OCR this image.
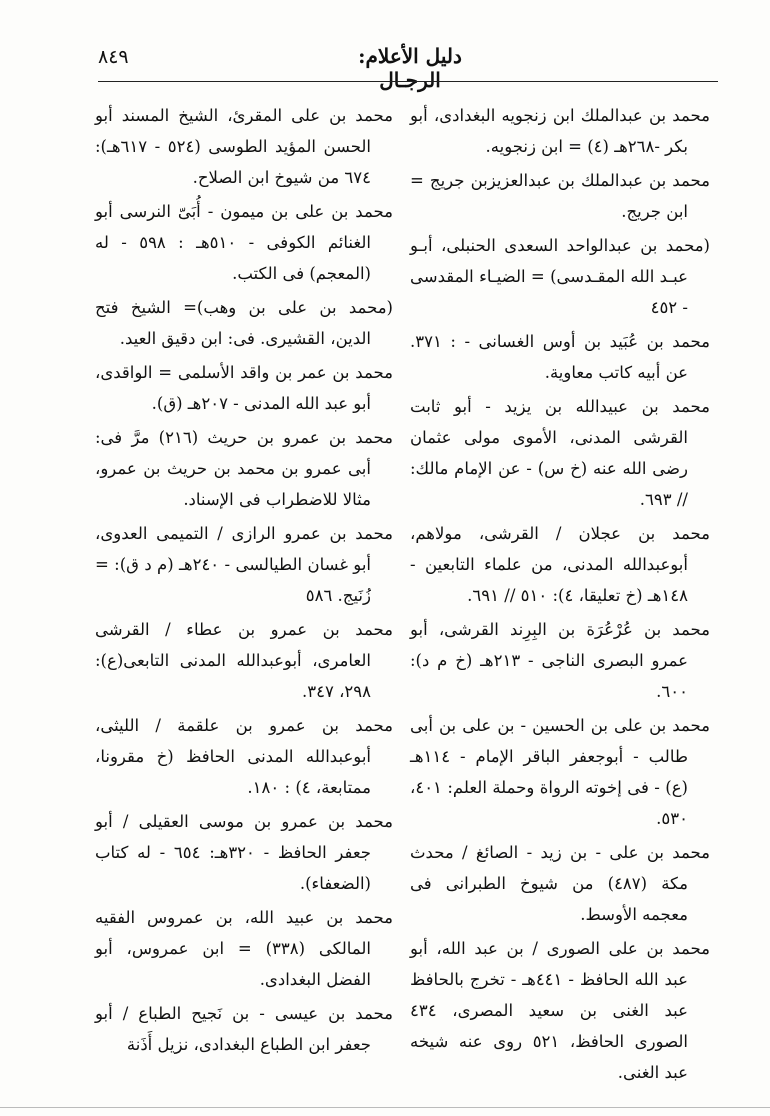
٨٤٩	دليل الأعلام: الرجـال

محمد بن عبدالملك ابن زنجويه البغدادى، أبو بكر -٢٦٨هـ (٤) = ابن زنجويه.

محمد بن عبدالملك بن عبدالعزيزبن جريج = ابن جريج.

(محمد بن عبدالواحد السعدى الحنبلى، أبـو عبـد الله المقـدسى) = الضيـاء المقدسى - ٤٥٢

محمد بن عُبَيد بن أوس الغسانى - : ٣٧١. عن أبيه كاتب معاوية.

محمد بن عبيدالله بن يزيد - أبو ثابت القرشى المدنى، الأموى مولى عثمان رضى الله عنه (خ س) - عن الإمام مالك: // ٦٩٣.

محمد بن عجلان / القرشى، مولاهم، أبوعبدالله المدنى، من علماء التابعين - ١٤٨هـ (خ تعليقا، ٤): ٥١٠ // ٦٩١.

محمد بن عُرْعُرَة بن البِرِند القرشى، أبو عمرو البصرى الناجى - ٢١٣هـ (خ م د): ٦٠٠.

محمد بن على بن الحسين - بن على بن أبى طالب - أبوجعفر الباقر الإمام - ١١٤هـ (ع) - فى إخوته الرواة وحملة العلم: ٤٠١، ٥٣٠.

محمد بن على - بن زيد - الصائغ / محدث مكة (٤٨٧) من شيوخ الطبرانى فى معجمه الأوسط.

محمد بن على الصورى / بن عبد الله، أبو عبد الله الحافظ - ٤٤١هـ - تخرج بالحافظ عبد الغنى بن سعيد المصرى، ٤٣٤ الصورى الحافظ، ٥٢١ روى عنه شيخه عبد الغنى.

محمد بن على المقرئ، الشيخ المسند أبو الحسن المؤيد الطوسى (٥٢٤ - ٦١٧هـ): ٦٧٤ من شيوخ ابن الصلاح.

محمد بن على بن ميمون - أُبَىّ النرسى أبو الغنائم الكوفى - ٥١٠هـ : ٥٩٨ - له (المعجم) فى الكتب.

(محمد بن على بن وهب)= الشيخ فتح الدين، القشيرى. فى: ابن دقيق العيد.

محمد بن عمر بن واقد الأسلمى = الواقدى، أبو عبد الله المدنى - ٢٠٧هـ (ق).

محمد بن عمرو بن حريث (٢١٦) مرَّ فى: أبى عمرو بن محمد بن حريث بن عمرو، مثالا للاضطراب فى الإسناد.

محمد بن عمرو الرازى / التميمى العدوى، أبو غسان الطيالسى - ٢٤٠هـ (م د ق): = زُنَيج. ٥٨٦

محمد بن عمرو بن عطاء / القرشى العامرى، أبوعبدالله المدنى التابعى(ع): ٢٩٨، ٣٤٧.

محمد بن عمرو بن علقمة / الليثى، أبوعبدالله المدنى الحافظ (خ مقرونا، ممتابعة، ٤) : ١٨٠.

محمد بن عمرو بن موسى العقيلى / أبو جعفر الحافظ - ٣٢٠هـ: ٦٥٤ - له كتاب (الضعفاء).

محمد بن عبيد الله، بن عمروس الفقيه المالكى (٣٣٨) = ابن عمروس، أبو الفضل البغدادى.

محمد بن عيسى - بن نَجيح الطباع / أبو جعفر ابن الطباع البغدادى، نزيل أَذَنة
